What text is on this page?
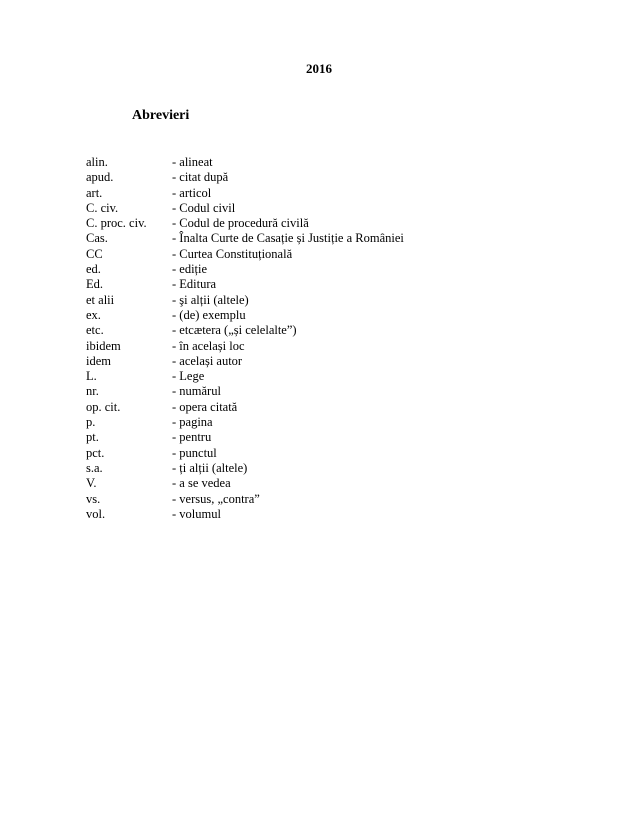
2016
Abrevieri
alin.	- alineat
apud.	- citat după
art.	- articol
C. civ.	- Codul civil
C. proc. civ.	- Codul de procedură civilă
Cas.	- Înalta Curte de Casație și Justiție a României
CC	- Curtea Constituțională
ed.	- ediție
Ed.	- Editura
et alii	- şi alții (altele)
ex.	- (de) exemplu
etc.	- etcætera („și celelalte”)
ibidem	- în același loc
idem	- același autor
L.	- Lege
nr.	- numărul
op. cit.	- opera citată
p.	- pagina
pt.	- pentru
pct.	- punctul
s.a.	- ți alții (altele)
V.	- a se vedea
vs.	- versus, „contra”
vol.	- volumul
